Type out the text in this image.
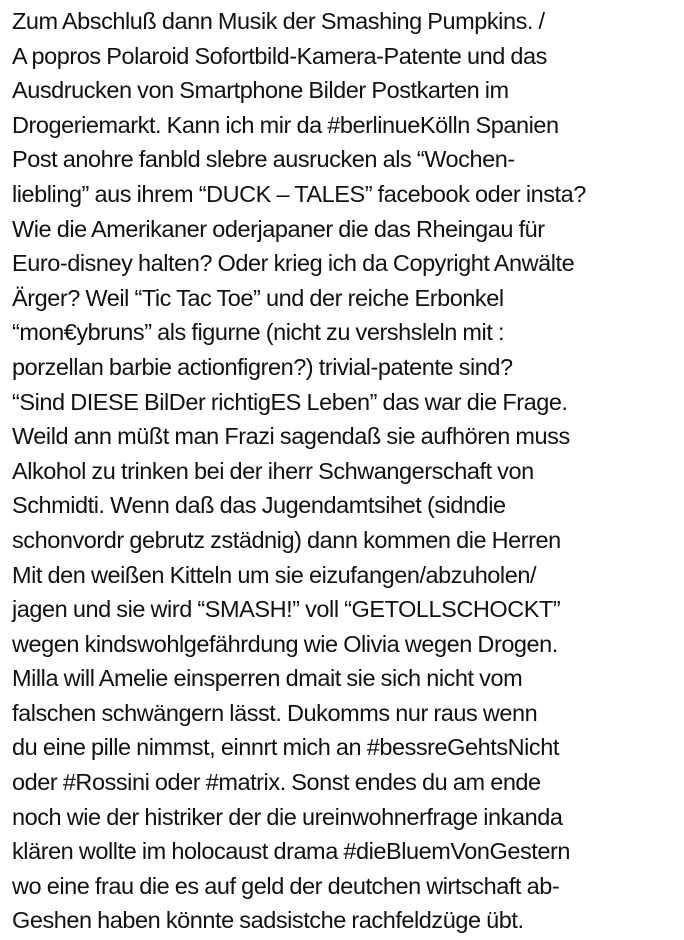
Zum Abschluß dann Musik der Smashing Pumpkins. /
A popros Polaroid Sofortbild-Kamera-Patente und das
Ausdrucken von Smartphone Bilder Postkarten im
Drogeriemarkt. Kann ich mir da #berlinueKölln Spanien
Post anohre fanbld slebre ausrucken als “Wochen-
liebling” aus ihrem “DUCK – TALES” facebook oder insta?
Wie die Amerikaner oderjapaner die das Rheingau für
Euro-disney halten? Oder krieg ich da Copyright Anwälte
Ärger? Weil “Tic Tac Toe” und der reiche Erbonkel
“mon€ybruns” als figurne (nicht zu vershsleln mit :
porzellan barbie actionfigren?) trivial-patente sind?
“Sind DIESE BilDer richtigES Leben” das war die Frage.
Weild ann müßt man Frazi sagendaß sie aufhören muss
Alkohol zu trinken bei der iherr Schwangerschaft von
Schmidti. Wenn daß das Jugendamtsihet (sidndie
schonvordr gebrutz zstädnig) dann kommen die Herren
Mit den weißen Kitteln um sie eizufangen/abzuholen/
jagen und sie wird “SMASH!” voll “GETOLLSCHOCKT”
wegen kindswohlgefährdung wie Olivia wegen Drogen.
Milla will Amelie einsperren dmait sie sich nicht vom
falschen schwängern lässt. Dukomms nur raus wenn
du eine pille nimmst, einnrt mich an #bessreGehtsNicht
oder #Rossini oder #matrix. Sonst endes du am ende
noch wie der histriker der die ureinwohnerfrage inkanda
klären wollte im holocaust drama #dieBluemVonGestern
wo eine frau die es auf geld der deutchen wirtschaft ab-
Geshen haben könnte sadsistche rachfeldzüge übt.
